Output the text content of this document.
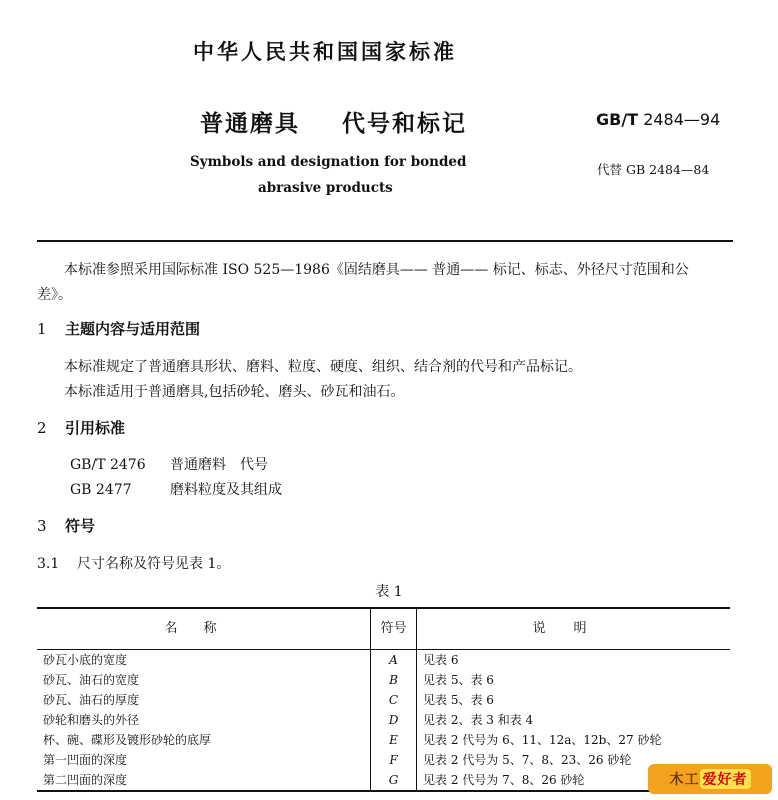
中华人民共和国国家标准
普通磨具 代号和标记	GB/T 2484—94
Symbols and designation for bonded
abrasive products
代替 GB 2484—84
本标准参照采用国际标准 ISO 525—1986《固结磨具—— 普通—— 标记、标志、外径尺寸范围和公
差》。
1 主题内容与适用范围
本标准规定了普通磨具形状、磨料、粒度、硬度、组织、结合剂的代号和产品标记。
本标准适用于普通磨具,包括砂轮、磨头、砂瓦和油石。
2 引用标准
GB/T 2476 普通磨料　代号
GB 2477	磨料粒度及其组成
3 符号
3.1 尺寸名称及符号见表 1。
表 1
名称	符号	说明
砂瓦小底的宽度	A	见表 6
砂瓦、油石的宽度	B	见表 5、表 6
砂瓦、油石的厚度	C	见表 5、表 6
砂轮和磨头的外径	D	见表 2、表 3 和表 4
杯、碗、碟形及镀形砂轮的底厚	E	见表 2 代号为 6、11、12a、12b、27 砂轮
第一凹面的深度	F	见表 2 代号为 5、7、8、23、26 砂轮
第二凹面的深度	G	见表 2 代号为 7、8、26 砂轮	木工 爱好者
